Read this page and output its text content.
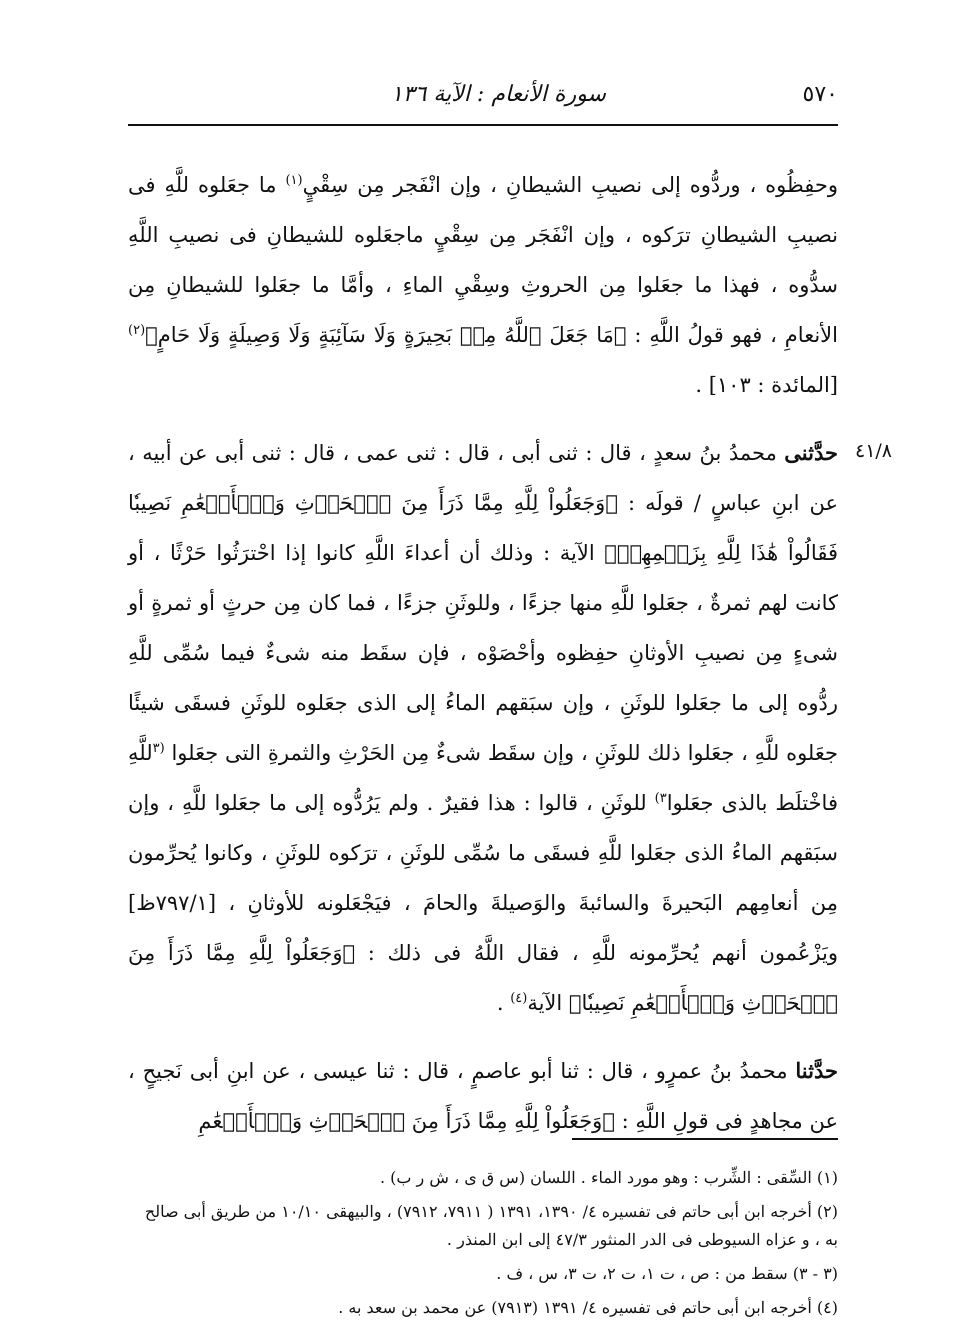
٥٧٠
سورة الأنعام : الآية ١٣٦
٤١/٨

وحفِظُوه ، وردُّوه إلى نصيبِ الشيطانِ ، وإن انْفَجر مِن سِقْيٍ$^{(١)}$ ما جعَلوه للَّهِ فى نصيبِ الشيطانِ ترَكوه ، وإن انْفَجَر مِن سِقْيٍ ماجعَلوه للشيطانِ فى نصيبِ اللَّهِ سدُّوه ، فهذا ما جعَلوا مِن الحروثِ وسِقْيِ الماءِ ، وأمَّا ما جعَلوا للشيطانِ مِن الأنعامِ ، فهو قولُ اللَّهِ : ﴿مَا جَعَلَ ٱللَّهُ مِنۢ بَحِيرَةٍ وَلَا سَآئِبَةٍ وَلَا وَصِيلَةٍ وَلَا حَامٍ﴾$^{(٢)}$ [المائدة : ١٠٣] .

حدَّثنى محمدُ بنُ سعدٍ ، قال : ثنى أبى ، قال : ثنى عمى ، قال : ثنى أبى عن أبيه ، عن ابنِ عباسٍ / قولَه : ﴿وَجَعَلُواْ لِلَّهِ مِمَّا ذَرَأَ مِنَ ٱلۡحَرۡثِ وَٱلۡأَنۡعَٰمِ نَصِيبٗا فَقَالُواْ هَٰذَا لِلَّهِ بِزَعۡمِهِمۡ﴾ الآية : وذلك أن أعداءَ اللَّهِ كانوا إذا احْترَثُوا حَرْثًا ، أو كانت لهم ثمرةٌ ، جعَلوا للَّهِ منها جزءًا ، وللوثَنِ جزءًا ، فما كان مِن حرثٍ أو ثمرةٍ أو شىءٍ مِن نصيبِ الأوثانِ حفِظوه وأحْصَوْه ، فإن سقَط منه شىءٌ فيما سُمِّى للَّهِ ردُّوه إلى ما جعَلوا للوثَنِ ، وإن سبَقهم الماءُ إلى الذى جعَلوه للوثَنِ فسقَى شيئًا جعَلوه للَّهِ ، جعَلوا ذلك للوثَنِ ، وإن سقَط شىءٌ مِن الحَرْثِ والثمرةِ التى جعَلوا $^{(٣}$للَّهِ فاخْتلَط بالذى جعَلوا$^{٣)}$ للوثَنِ ، قالوا : هذا فقيرٌ . ولم يَرُدُّوه إلى ما جعَلوا للَّهِ ، وإن سبَقهم الماءُ الذى جعَلوا للَّهِ فسقَى ما سُمِّى للوثَنِ ، ترَكوه للوثَنِ ، وكانوا يُحرِّمون مِن أنعامِهم البَحيرةَ والسائبةَ والوَصيلةَ والحامَ ، فيَجْعَلونه للأوثانِ ، [٧٩٧/١ظ] ويَزْعُمون أنهم يُحرِّمونه للَّهِ ، فقال اللَّهُ فى ذلك : ﴿وَجَعَلُواْ لِلَّهِ مِمَّا ذَرَأَ مِنَ ٱلۡحَرۡثِ وَٱلۡأَنۡعَٰمِ نَصِيبٗا﴾ الآية$^{(٤)}$ .

حدَّثنا محمدُ بنُ عمرٍو ، قال : ثنا أبو عاصمٍ ، قال : ثنا عيسى ، عن ابنِ أبى نَجيحٍ ، عن مجاهدٍ فى قولِ اللَّهِ : ﴿وَجَعَلُواْ لِلَّهِ مِمَّا ذَرَأَ مِنَ ٱلۡحَرۡثِ وَٱلۡأَنۡعَٰمِ

(١) السِّقى : الشِّرب : وهو مورد الماء . اللسان (س ق ى ، ش ر ب) .
(٢) أخرجه ابن أبى حاتم فى تفسيره ٤/ ١٣٩٠، ١٣٩١ ( ٧٩١١، ٧٩١٢) ، والبيهقى ١٠/١٠ من طريق أبى صالح به ، و عزاه السيوطى فى الدر المنثور ٤٧/٣ إلى ابن المنذر .
(٣ - ٣) سقط من : ص ، ت ١، ت ٢، ت ٣، س ، ف .
(٤) أخرجه ابن أبى حاتم فى تفسيره ٤/ ١٣٩١ (٧٩١٣) عن محمد بن سعد به .
